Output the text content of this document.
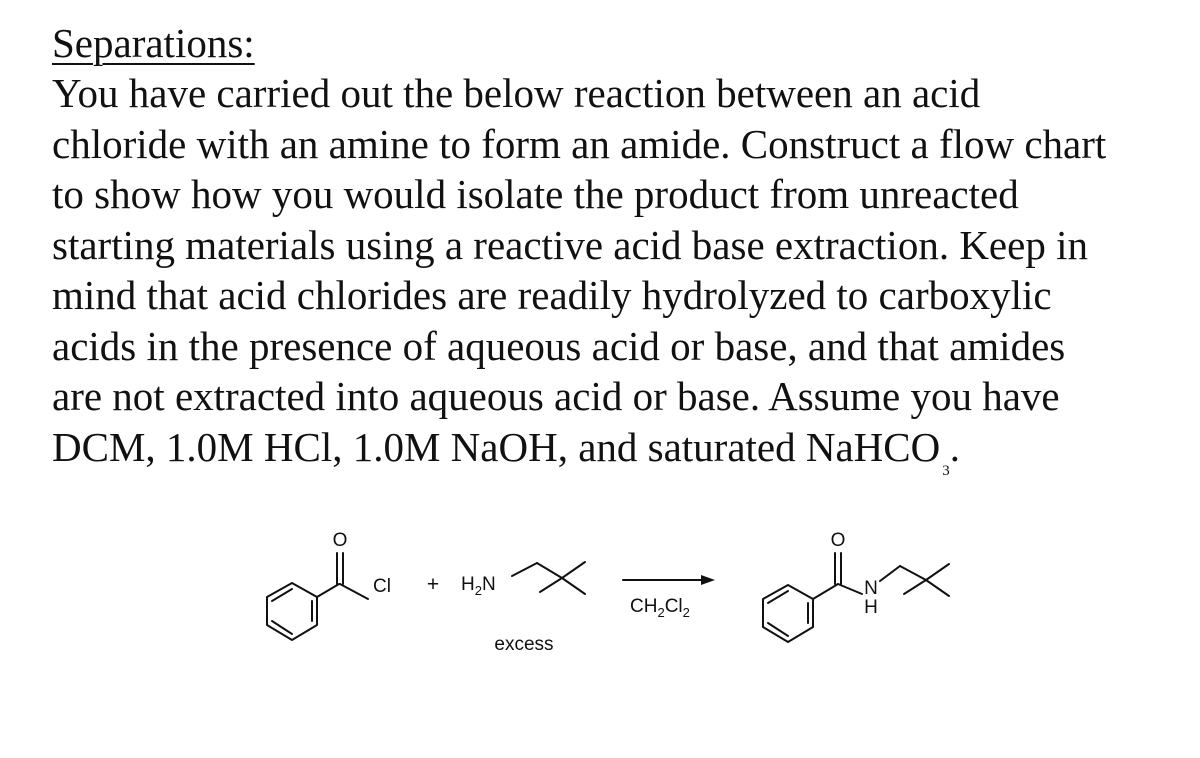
Separations:

You have carried out the below reaction between an acid
chloride with an amine to form an amide. Construct a flow chart
to show how you would isolate the product from unreacted
starting materials using a reactive acid base extraction. Keep in
mind that acid chlorides are readily hydrolyzed to carboxylic
acids in the presence of aqueous acid or base, and that amides
are not extracted into aqueous acid or base. Assume you have
DCM, 1.0M HCl, 1.0M NaOH, and saturated NaHCO$_3$.

O
$Cl + H_2N$
excess
$CH_2Cl_2$
O
N
H
